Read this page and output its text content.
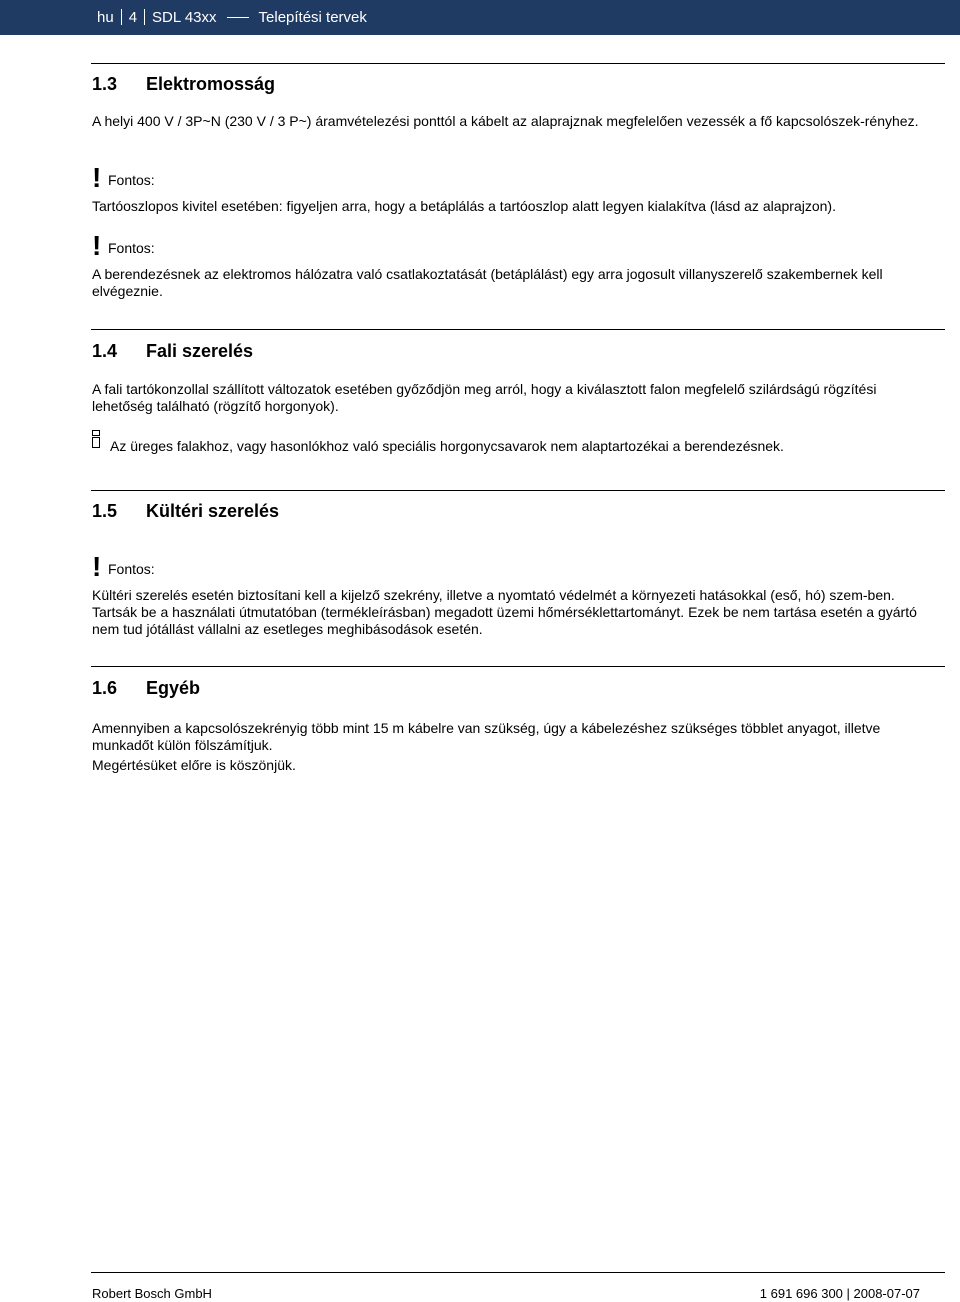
hu 4 SDL 43xx	Telepítési tervek
1.3 Elektromosság
A helyi 400 V / 3P~N (230 V / 3 P~) áramvételezési ponttól a kábelt az alaprajznak megfelelően vezessék a fő kapcsolószek-rényhez.
! Fontos:
Tartóoszlopos kivitel esetében: figyeljen arra, hogy a betáplálás a tartóoszlop alatt legyen kialakítva (lásd az alaprajzon).
! Fontos:
A berendezésnek az elektromos hálózatra való csatlakoztatását (betáplálást) egy arra jogosult villanyszerelő szakembernek kell elvégeznie.
1.4 Fali szerelés
A fali tartókonzollal szállított változatok esetében győződjön meg arról, hogy a kiválasztott falon megfelelő szilárdságú rögzítési lehetőség található (rögzítő horgonyok).
Az üreges falakhoz, vagy hasonlókhoz való speciális horgonycsavarok nem alaptartozékai a berendezésnek.
1.5 Kültéri szerelés
! Fontos:
Kültéri szerelés esetén biztosítani kell a kijelző szekrény, illetve a nyomtató védelmét a környezeti hatásokkal (eső, hó) szem-ben. Tartsák be a használati útmutatóban (termékleírásban) megadott üzemi hőmérséklettartományt. Ezek be nem tartása esetén a gyártó nem tud jótállást vállalni az esetleges meghibásodások esetén.
1.6 Egyéb
Amennyiben a kapcsolószekrényig több mint 15 m kábelre van szükség, úgy a kábelezéshez szükséges többlet anyagot, illetve munkadőt külön fölszámítjuk.
Megértésüket előre is köszönjük.
Robert Bosch GmbH	1 691 696 300 | 2008-07-07
